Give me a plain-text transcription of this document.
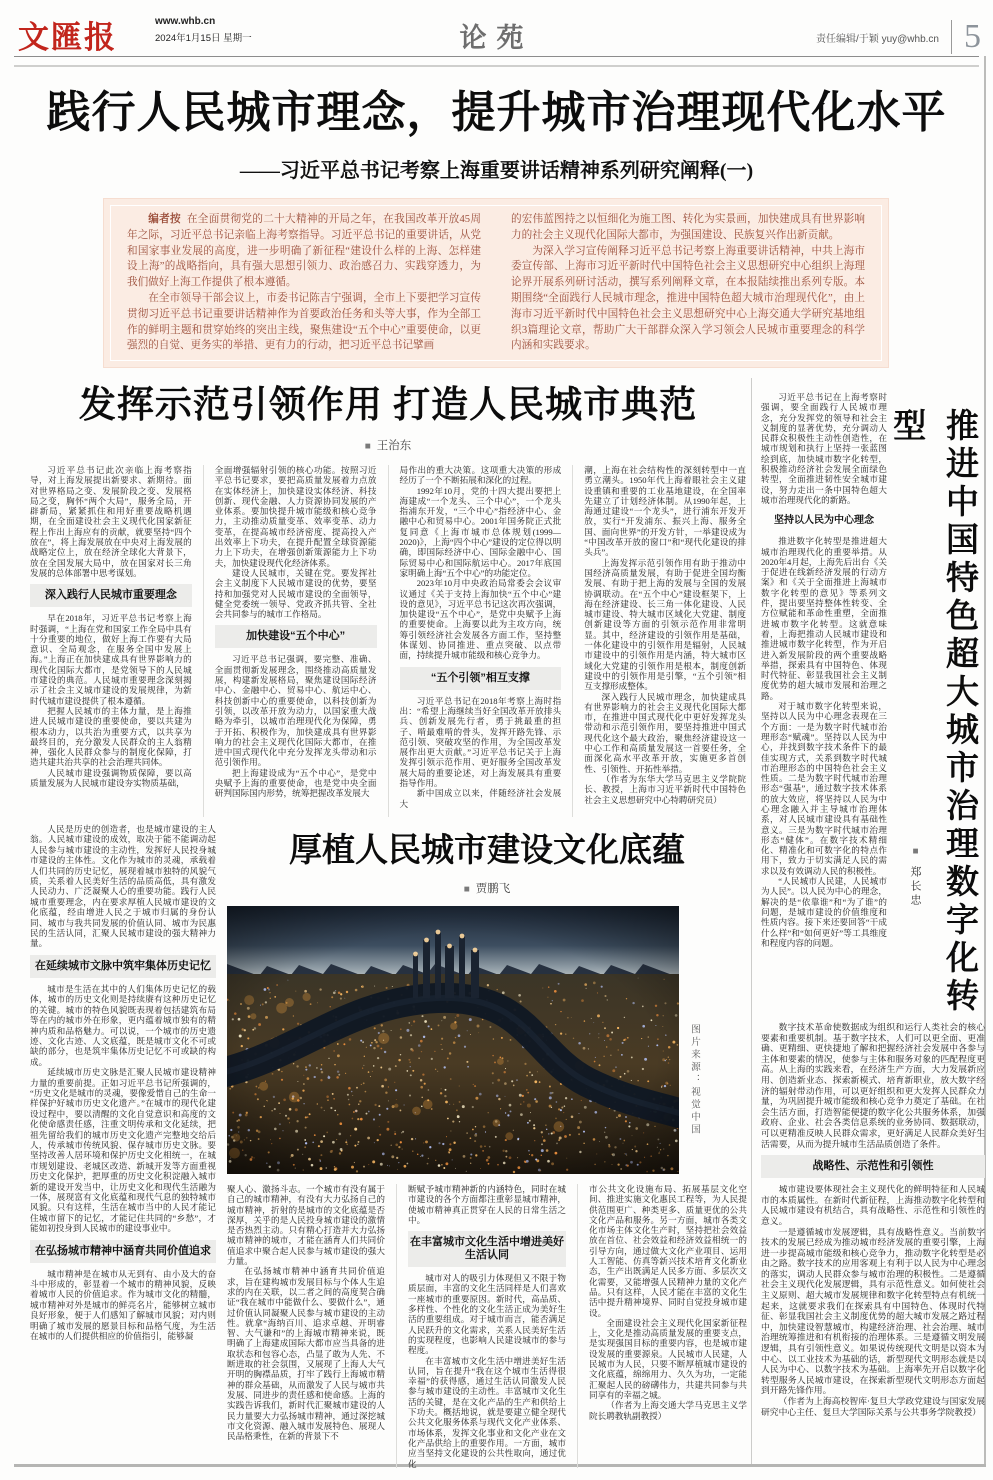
文匯报	www.whb.cn
2024年1月15日 星期一	论苑	责任编辑/于颖 yuy@whb.cn 5
践行人民城市理念，提升城市治理现代化水平
——习近平总书记考察上海重要讲话精神系列研究阐释(一)

编者按 在全面贯彻党的二十大精神的开局之年，在我国改革开放45周年之际，习近平总书记亲临上海考察指导。习近平总书记的重要讲话，从党和国家事业发展的高度，进一步明确了新征程“建设什么样的上海、怎样建设上海”的战略指向，具有强大思想引领力、政治感召力、实践穿透力，为我们做好上海工作提供了根本遵循。

在全市领导干部会议上，市委书记陈吉宁强调，全市上下要把学习宣传贯彻习近平总书记重要讲话精神作为首要政治任务和头等大事，作为全部工作的鲜明主题和贯穿始终的突出主线，聚焦建设“五个中心”重要使命，以更强烈的自觉、更务实的举措、更有力的行动，把习近平总书记擘画

的宏伟蓝图持之以恒细化为施工图、转化为实景画，加快建成具有世界影响力的社会主义现代化国际大都市，为强国建设、民族复兴作出新贡献。

为深入学习宣传阐释习近平总书记考察上海重要讲话精神，中共上海市委宣传部、上海市习近平新时代中国特色社会主义思想研究中心组织上海理论界开展系列研讨活动，撰写系列阐释文章，在本报陆续推出系列专版。本期围绕“全面践行人民城市理念，推进中国特色超大城市治理现代化”，由上海市习近平新时代中国特色社会主义思想研究中心上海交通大学研究基地组织3篇理论文章，帮助广大干部群众深入学习领会人民城市重要理念的科学内涵和实践要求。

发挥示范引领作用 打造人民城市典范
■ 王治东

习近平总书记此次亲临上海考察指导，对上海发展提出新要求、新期待。面对世界格局之变、发展阶段之变、发展格局之变，胸怀“两个大局”，服务全局，开辟新局，紧紧抓住和用好重要战略机遇期，在全面建设社会主义现代化国家新征程上作出上海应有的贡献，就要坚持“四个放在”，将上海发展放在中央对上海发展的战略定位上，放在经济全球化大背景下，放在全国发展大局中，放在国家对长三角发展的总体部署中思考谋划。

深入践行人民城市重要理念

早在2018年，习近平总书记考察上海时强调，“上海在党和国家工作全局中具有十分重要的地位，做好上海工作要有大局意识、全局观念，在服务全国中发展上海。”上海正在加快建成具有世界影响力的现代化国际大都市，是党领导下的人民城市建设的典范。人民城市重要理念深刻揭示了社会主义城市建设的发展规律，为新时代城市建设提供了根本遵循。

把握人民城市的主体力量，是上海推进人民城市建设的重要使命，要以共建为根本动力，以共治为重要方式，以共享为最终目的，充分激发人民群众的主人翁精神，强化人民群众参与的制度化保障，打造共建共治共享的社会治理共同体。

人民城市建设强调物质保障，要以高质量发展为人民城市建设夯实物质基础，

全面增强辐射引领的核心功能。按照习近平总书记要求，要把高质量发展着力点放在实体经济上，加快建设实体经济、科技创新、现代金融、人力资源协同发展的产业体系。要加快提升城市能级和核心竞争力，主动推动质量变革、效率变革、动力变革，在提高城市经济密度、提高投入产出效率上下功夫，在提升配置全球资源能力上下功夫，在增强创新策源能力上下功夫，加快建设现代化经济体系。

建设人民城市，关键在党。要发挥社会主义制度下人民城市建设的优势，要坚持和加强党对人民城市建设的全面领导，健全党委统一领导、党政齐抓共管、全社会共同参与的城市工作格局。

加快建设“五个中心”

习近平总书记强调，要完整、准确、全面贯彻新发展理念，围绕推动高质量发展，构建新发展格局，聚焦建设国际经济中心、金融中心、贸易中心、航运中心、科技创新中心的重要使命，以科技创新为引领，以改革开放为动力，以国家重大战略为牵引，以城市治理现代化为保障，勇于开拓、积极作为，加快建成具有世界影响力的社会主义现代化国际大都市，在推进中国式现代化中充分发挥龙头带动和示范引领作用。

把上海建设成为“五个中心”，是党中央赋予上海的重要使命，也是党中央全面研判国际国内形势，统筹把握改革发展大

局作出的重大决策。这项重大决策的形成经历了一个不断拓展和深化的过程。

1992年10月，党的十四大提出要把上海建成“一个龙头、三个中心”，一个龙头指浦东开发，“三个中心”指经济中心、金融中心和贸易中心。2001年国务院正式批复同意《上海市城市总体规划(1999—2020)》，上海“四个中心”建设的定位得以明确，即国际经济中心、国际金融中心、国际贸易中心和国际航运中心。2017年底国家明确上海“五个中心”的功能定位。

2023年10月中央政治局常委会会议审议通过《关于支持上海加快“五个中心”建设的意见》，习近平总书记这次再次强调，加快建设“五个中心”，是党中央赋予上海的重要使命。上海要以此为主攻方向，统筹引领经济社会发展各方面工作，坚持整体谋划、协同推进、重点突破、以点带面，持续提升城市能级和核心竞争力。

“五个引领”相互支撑

习近平总书记在2018年考察上海时指出：“希望上海继续当好全国改革开放排头兵、创新发展先行者，勇于挑最重的担子、啃最难啃的骨头，发挥开路先锋、示范引领、突破攻坚的作用，为全国改革发展作出更大贡献。”习近平总书记关于上海发挥引领示范作用、更好服务全国改革发展大局的重要论述，对上海发展具有重要指导作用。

新中国成立以来，伴随经济社会发展大

潮，上海在社会结构性的深刻转型中一直勇立潮头。1950年代上海着眼社会主义建设重镇和重要的工业基地建设，在全国率先建立了计划经济体制。从1990年起，上海通过建设“一个龙头”，进行浦东开发开放，实行“开发浦东、振兴上海、服务全国、面向世界”的开发方针，一举建设成为“中国改革开放的窗口”和“现代化建设的排头兵”。

上海发挥示范引领作用有助于推动中国经济高质量发展，有助于促进全国均衡发展、有助于把上海的发展与全国的发展协调联动。在“五个中心”建设框架下，上海在经济建设、长三角一体化建设、人民城市建设、特大城市区域化大党建、制度创新建设等方面的引领示范作用非常明显。其中，经济建设的引领作用是基础，一体化建设中的引领作用是辐射，人民城市建设中的引领作用是内涵，特大城市区域化大党建的引领作用是根本，制度创新建设中的引领作用是引擎，“五个引领”相互支撑形成整体。

深入践行人民城市理念，加快建成具有世界影响力的社会主义现代化国际大都市，在推进中国式现代化中更好发挥龙头带动和示范引领作用，要坚持推进中国式现代化这个最大政治，聚焦经济建设这一中心工作和高质量发展这一首要任务，全面深化高水平改革开放，实施更多首创性、引领性、开拓性举措。

（作者为东华大学马克思主义学院院长、教授，上海市习近平新时代中国特色社会主义思想研究中心特聘研究员）

习近平总书记在上海考察时强调，要全面践行人民城市理念，充分发挥党的领导和社会主义制度的显著优势，充分调动人民群众积极性主动性创造性，在城市规划和执行上坚持一张蓝图绘到底，加快城市数字化转型，积极推动经济社会发展全面绿色转型，全面推进韧性安全城市建设，努力走出一条中国特色超大城市治理现代化的新路。

坚持以人民为中心理念

推进数字化转型是推进超大城市治理现代化的重要举措。从2020年4月起，上海先后出台《关于促进在线新经济发展的行动方案》和《关于全面推进上海城市数字化转型的意见》等系列文件，提出要坚持整体性转变、全方位赋能和革命性重塑，全面推进城市数字化转型。这就意味着，上海把推动人民城市建设和推进城市数字化转型，作为开启进入新发展阶段的两个重要战略举措，探索具有中国特色、体现时代特征、彰显我国社会主义制度优势的超大城市发展和治理之路。

对于城市数字化转型来说，坚持以人民为中心理念表现在三个方面：一是为数字时代城市治理形态“赋魂”。坚持以人民为中心，并找到数字技术条件下的最佳实现方式，关系到数字时代城市治理形态的中国特色社会主义性质。二是为数字时代城市治理形态“强基”，通过数字技术体系的放大效应，将坚持以人民为中心理念融入并主导城市治理体系，对人民城市建设具有基础性意义。三是为数字时代城市治理形态“健体”。在数字技术精细化、精准化和可数字化的特点作用下，致力于切实满足人民的需求以及有效调动人民的积极性。

“人民城市人民建，人民城市为人民”。以人民为中心的理念，解决的是“依靠谁”和“为了谁”的问题，是城市建设的价值维度和性质内容。接下来还要回答“干成什么样”和“如何更好”等工具维度和程度内容的问题。

■郑长忠 推进中国特色超大城市治理数字化转型

数字技术革命使数据成为组织和运行人类社会的核心要素和重要机制。基于数字技术，人们可以更全面、更准确、更精细、更快捷地了解和把握经济社会发展中各参与主体和要素的情况，使参与主体和服务对象的匹配程度更高。从上海的实践来看，在经济生产方面，大力发展新应用、创造新业态、探索新模式、培育新职业，放大数字经济的辐射带动作用，可以更好组织和更大发挥人民群众力量，为巩固提升城市能级和核心竞争力奠定了基础。在社会生活方面，打造智能便捷的数字化公共服务体系，加强政府、企业、社会各类信息系统的业务协同、数据联动，可以更精准反映人民群众需求，更好满足人民群众美好生活需要，从而为提升城市生活品质创造了条件。

战略性、示范性和引领性

城市建设要体现社会主义现代化的鲜明特征和人民城市的本质属性。在新时代新征程，上海推动数字化转型和人民城市建设有机结合，具有战略性、示范性和引领性的意义。

一是遵循城市发展逻辑，具有战略性意义。当前数字技术的发展已经成为推动城市经济发展的重要引擎，上海进一步提高城市能级和核心竞争力，推动数字化转型是必由之路。数字技术的应用客观上有利于以人民为中心理念的落实，调动人民群众参与城市治理的积极性。二是遵循社会主义现代化发展逻辑，具有示范性意义。如何使社会主义原则、超大城市发展规律和数字化转型特点有机统一起来，这就要求我们在探索具有中国特色、体现时代特征、彰显我国社会主义制度优势的超大城市发展之路过程中，加快建设智慧城市，构建经济治理、社会治理、城市治理统筹推进和有机衔接的治理体系。三是遵循文明发展逻辑，具有引领性意义。如果说传统现代文明是以资本为中心、以工业技术为基础的话，新型现代文明形态就是以人民为中心、以数字技术为基础。上海率先开启以数字化转型服务人民城市建设，在探索新型现代文明形态方面起到开路先锋作用。

（作者为上海高校智库·复旦大学政党建设与国家发展研究中心主任、复旦大学国际关系与公共事务学院教授）

人民是历史的创造者，也是城市建设的主人翁。人民城市建设的成效，取决于能不能调动起人民参与城市建设的主动性，发挥好人民投身城市建设的主体性。文化作为城市的灵魂，承载着人们共同的历史记忆，展现着城市独特的风貌气质，关系着人民美好生活的品质高低，具有激发人民动力、广泛凝聚人心的重要功能。践行人民城市重要理念，内在要求厚植人民城市建设的文化底蕴，经由增进人民之于城市归属的身份认同、城市与我共同发展的价值认同、城市为民惠民的生活认同，汇聚人民城市建设的强大精神力量。

在延续城市文脉中筑牢集体历史记忆

城市是生活在其中的人们集体历史记忆的载体，城市的历史文化则是持续赓有这种历史记忆的关键。城市的特色风貌既表现着包括建筑布局等在内的城市外在形象，更内蕴着城市独有的精神内质和品格魅力。可以说，一个城市的历史遗迹、文化古迹、人文底蕴，既是城市文化不可或缺的部分，也是筑牢集体历史记忆不可或缺的构成。

延续城市历史文脉是汇聚人民城市建设精神力量的重要前提。正如习近平总书记所强调的，“历史文化是城市的灵魂，要像爱惜自己的生命一样保护好城市历史文化遗产。”在城市的现代化建设过程中，要以清醒的文化自觉意识和高度的文化使命感责任感，注重文明传承和文化延续，把祖先留给我们的城市历史文化遗产完整地交给后人，传承城市传统风貌、保存城市历史文脉。要坚持改善人居环境和保护历史文化相统一，在城市规划建设、老城区改造、新城开发等方面重视历史文化保护，把厚重的历史文化积淀融入城市新的建设开发当中，让历史文化和现代生活融为一体，展现富有文化底蕴和现代气息的独特城市风貌。只有这样，生活在城市当中的人民才能记住城市留下的记忆，才能记住共同的“乡愁”，才能如初投身到人民城市的建设事业中。

在弘扬城市精神中涵育共同价值追求

城市精神是在城市从无到有、由小及大的奋斗中形成的，彰显着一个城市的精神风貌，反映着城市人民的价值追求。作为城市文化的精髓，城市精神对外是城市的鲜亮名片，能够树立城市良好形象，便于人们感知了解城市风貌；对内则明确了城市发展的愿景目标和品格气度，为生活在城市的人们提供相应的价值指引，能够凝

厚植人民城市建设文化底蕴
■ 贾鹏飞
图片来源：视觉中国

聚人心、激扬斗志。一个城市有没有属于自己的城市精神，有没有大力弘扬自己的城市精神，折射的是城市的文化底蕴是否深厚，关乎的是人民投身城市建设的激情是否热烈主动。只有精心打造并大力弘扬城市精神的城市，才能在涵育人们共同价值追求中聚合起人民参与城市建设的强大力量。

在弘扬城市精神中涵育共同价值追求，旨在建构城市发展目标与个体人生追求的内在关联，以二者之间的高度契合确证“我在城市中能做什么、要做什么”，通过价值认同凝聚人民参与城市建设的主动性。就拿“海纳百川、追求卓越、开明睿智、大气谦和”的上海城市精神来说，既明确了上海建成国际大都市应当具备的进取状态和包容心态，凸显了敢为人先、不断进取的社会氛围，又展现了上海人大气开明的胸襟品质，打牢了践行上海城市精神的群众基础，从而激发了人民与城市共发展、同进步的责任感和使命感。上海的实践告诉我们，新时代汇聚城市建设的人民力量要大力弘扬城市精神，通过深挖城市文化资源、融入城市发展特色、展现人民品格秉性，在新的背景下不

断赋予城市精神新的内涵特色，同时在城市建设的各个方面都注重彰显城市精神，使城市精神真正贯穿在人民的日常生活之中。

在丰富城市文化生活中增进美好生活认同

城市对人的吸引力体现但又不限于物质层面，丰富的文化生活同样是人们喜欢一座城市的重要原因。新时代，高品质、多样性、个性化的文化生活正成为美好生活的重要组成。对于城市而言，能否满足人民跃升的文化需求，关系人民美好生活的实现程度，也影响人民建设城市的参与程度。

在丰富城市文化生活中增进美好生活认同，旨在提升“我在这个城市生活得很幸福”的获得感，通过生活认同激发人民参与城市建设的主动性。丰富城市文化生活的关键，是在文化产品的生产和供给上下功夫。概括地说，就是要建立健全现代公共文化服务体系与现代文化产业体系、市场体系，发挥文化事业和文化产业在文化产品供给上的重要作用。一方面，城市应当坚持文化建设的公共性取向，通过优化

市公共文化设施布局、拓展基层文化空间、推进实施文化惠民工程等，为人民提供范围更广、种类更多、质量更优的公共文化产品和服务。另一方面，城市各类文化市场主体文化生产时，坚持把社会效益放在首位、社会效益和经济效益相统一的引导方向，通过做大文化产业项目、运用人工智能、仿真等新兴技术培育文化新业态，生产出既满足人民多方面、多层次文化需要，又能增强人民精神力量的文化产品。只有这样，人民才能在丰富的文化生活中提升精神境界、同时自觉投身城市建设。

全面建设社会主义现代化国家新征程上，文化是推动高质量发展的重要支点，是实现强国目标的重要内容，也是城市建设发展的重要源泉。人民城市人民建，人民城市为人民，只要不断厚植城市建设的文化底蕴，绵绵用力、久久为功，一定能汇聚起人民的磅礴伟力，共建共同参与共同享有的幸福之城。

（作者为上海交通大学马克思主义学院长聘教轨副教授）
